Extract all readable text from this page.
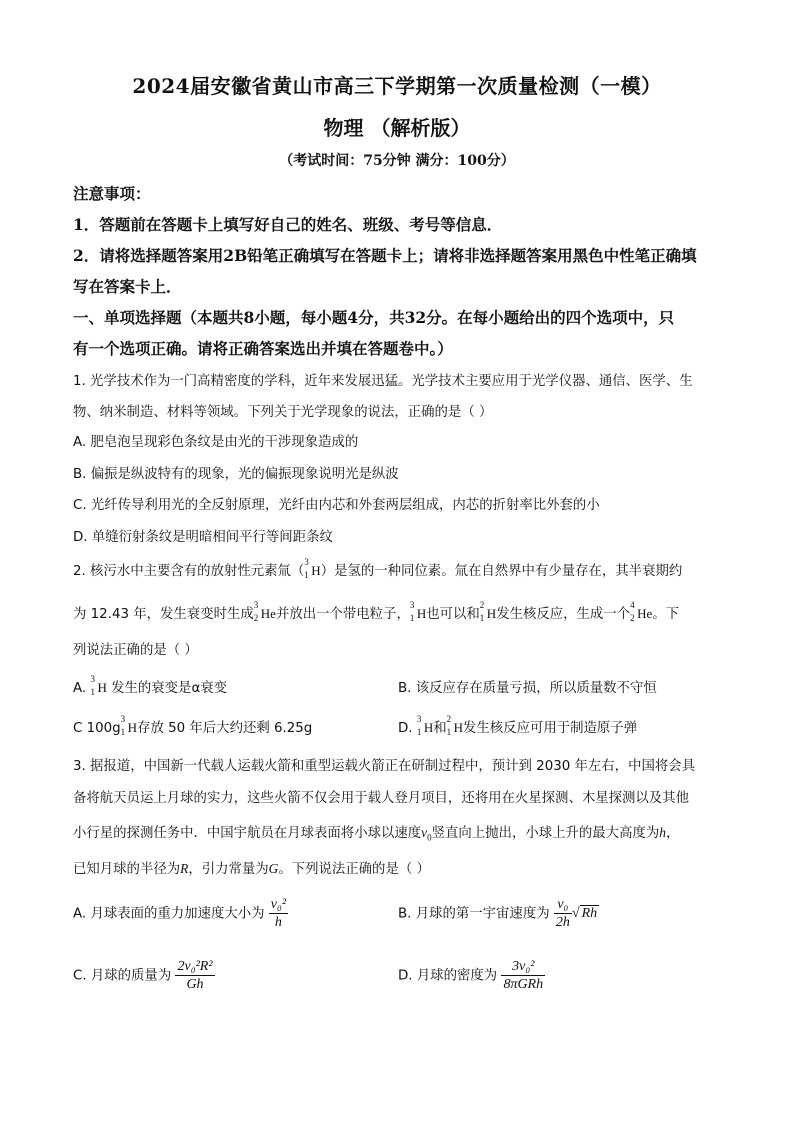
2024届安徽省黄山市高三下学期第一次质量检测（一模）
物理 （解析版）
（考试时间：75分钟 满分：100分）
注意事项：
1．答题前在答题卡上填写好自己的姓名、班级、考号等信息．
2．请将选择题答案用2B铅笔正确填写在答题卡上；请将非选择题答案用黑色中性笔正确填
写在答案卡上．
一、单项选择题（本题共8小题，每小题4分，共32分。在每小题给出的四个选项中，只
有一个选项正确。请将正确答案选出并填在答题卷中。）
1. 光学技术作为一门高精密度的学科，近年来发展迅猛。光学技术主要应用于光学仪器、通信、医学、生
物、纳米制造、材料等领域。下列关于光学现象的说法，正确的是（ ）
A. 肥皂泡呈现彩色条纹是由光的干涉现象造成的
B. 偏振是纵波特有的现象，光的偏振现象说明光是纵波
C. 光纤传导利用光的全反射原理，光纤由内芯和外套两层组成，内芯的折射率比外套的小
D. 单缝衍射条纹是明暗相间平行等间距条纹
2. 核污水中主要含有的放射性元素氚（
3
1 H）是氢的一种同位素。氚在自然界中有少量存在，其半衰期约
为 12.43 年，发生衰变时生成
3
2 He并放出一个带电粒子，
3
1 H也可以和
2
1 H发生核反应，生成一个
4
2 He。下
列说法正确的是（ ）
A.
3
1 H 发生的衰变是α衰变	B. 该反应存在质量亏损，所以质量数不守恒
C 100g
3
1 H存放 50 年后大约还剩 6.25g	D.
3
1 H和
2
1 H发生核反应可用于制造原子弹
3. 据报道，中国新一代载人运载火箭和重型运载火箭正在研制过程中，预计到 2030 年左右，中国将会具
备将航天员运上月球的实力，这些火箭不仅会用于载人登月项目，还将用在火星探测、木星探测以及其他
小行星的探测任务中．中国宇航员在月球表面将小球以速度$v_0$竖直向上抛出，小球上升的最大高度为h，
已知月球的半径为R，引力常量为G。下列说法正确的是（ ）
A. 月球表面的重力加速度大小为 $\frac{\text{v₀²}}{h}$	B. 月球的第一宇宙速度为 $\frac{\text{v₀}}{2h}$ √ Rh
C. 月球的质量为 $\frac{\text{2v₀²R²}}{Gh}$	D. 月球的密度为 $\frac{\text{3v₀²}}{\text{8πGRh}}$
